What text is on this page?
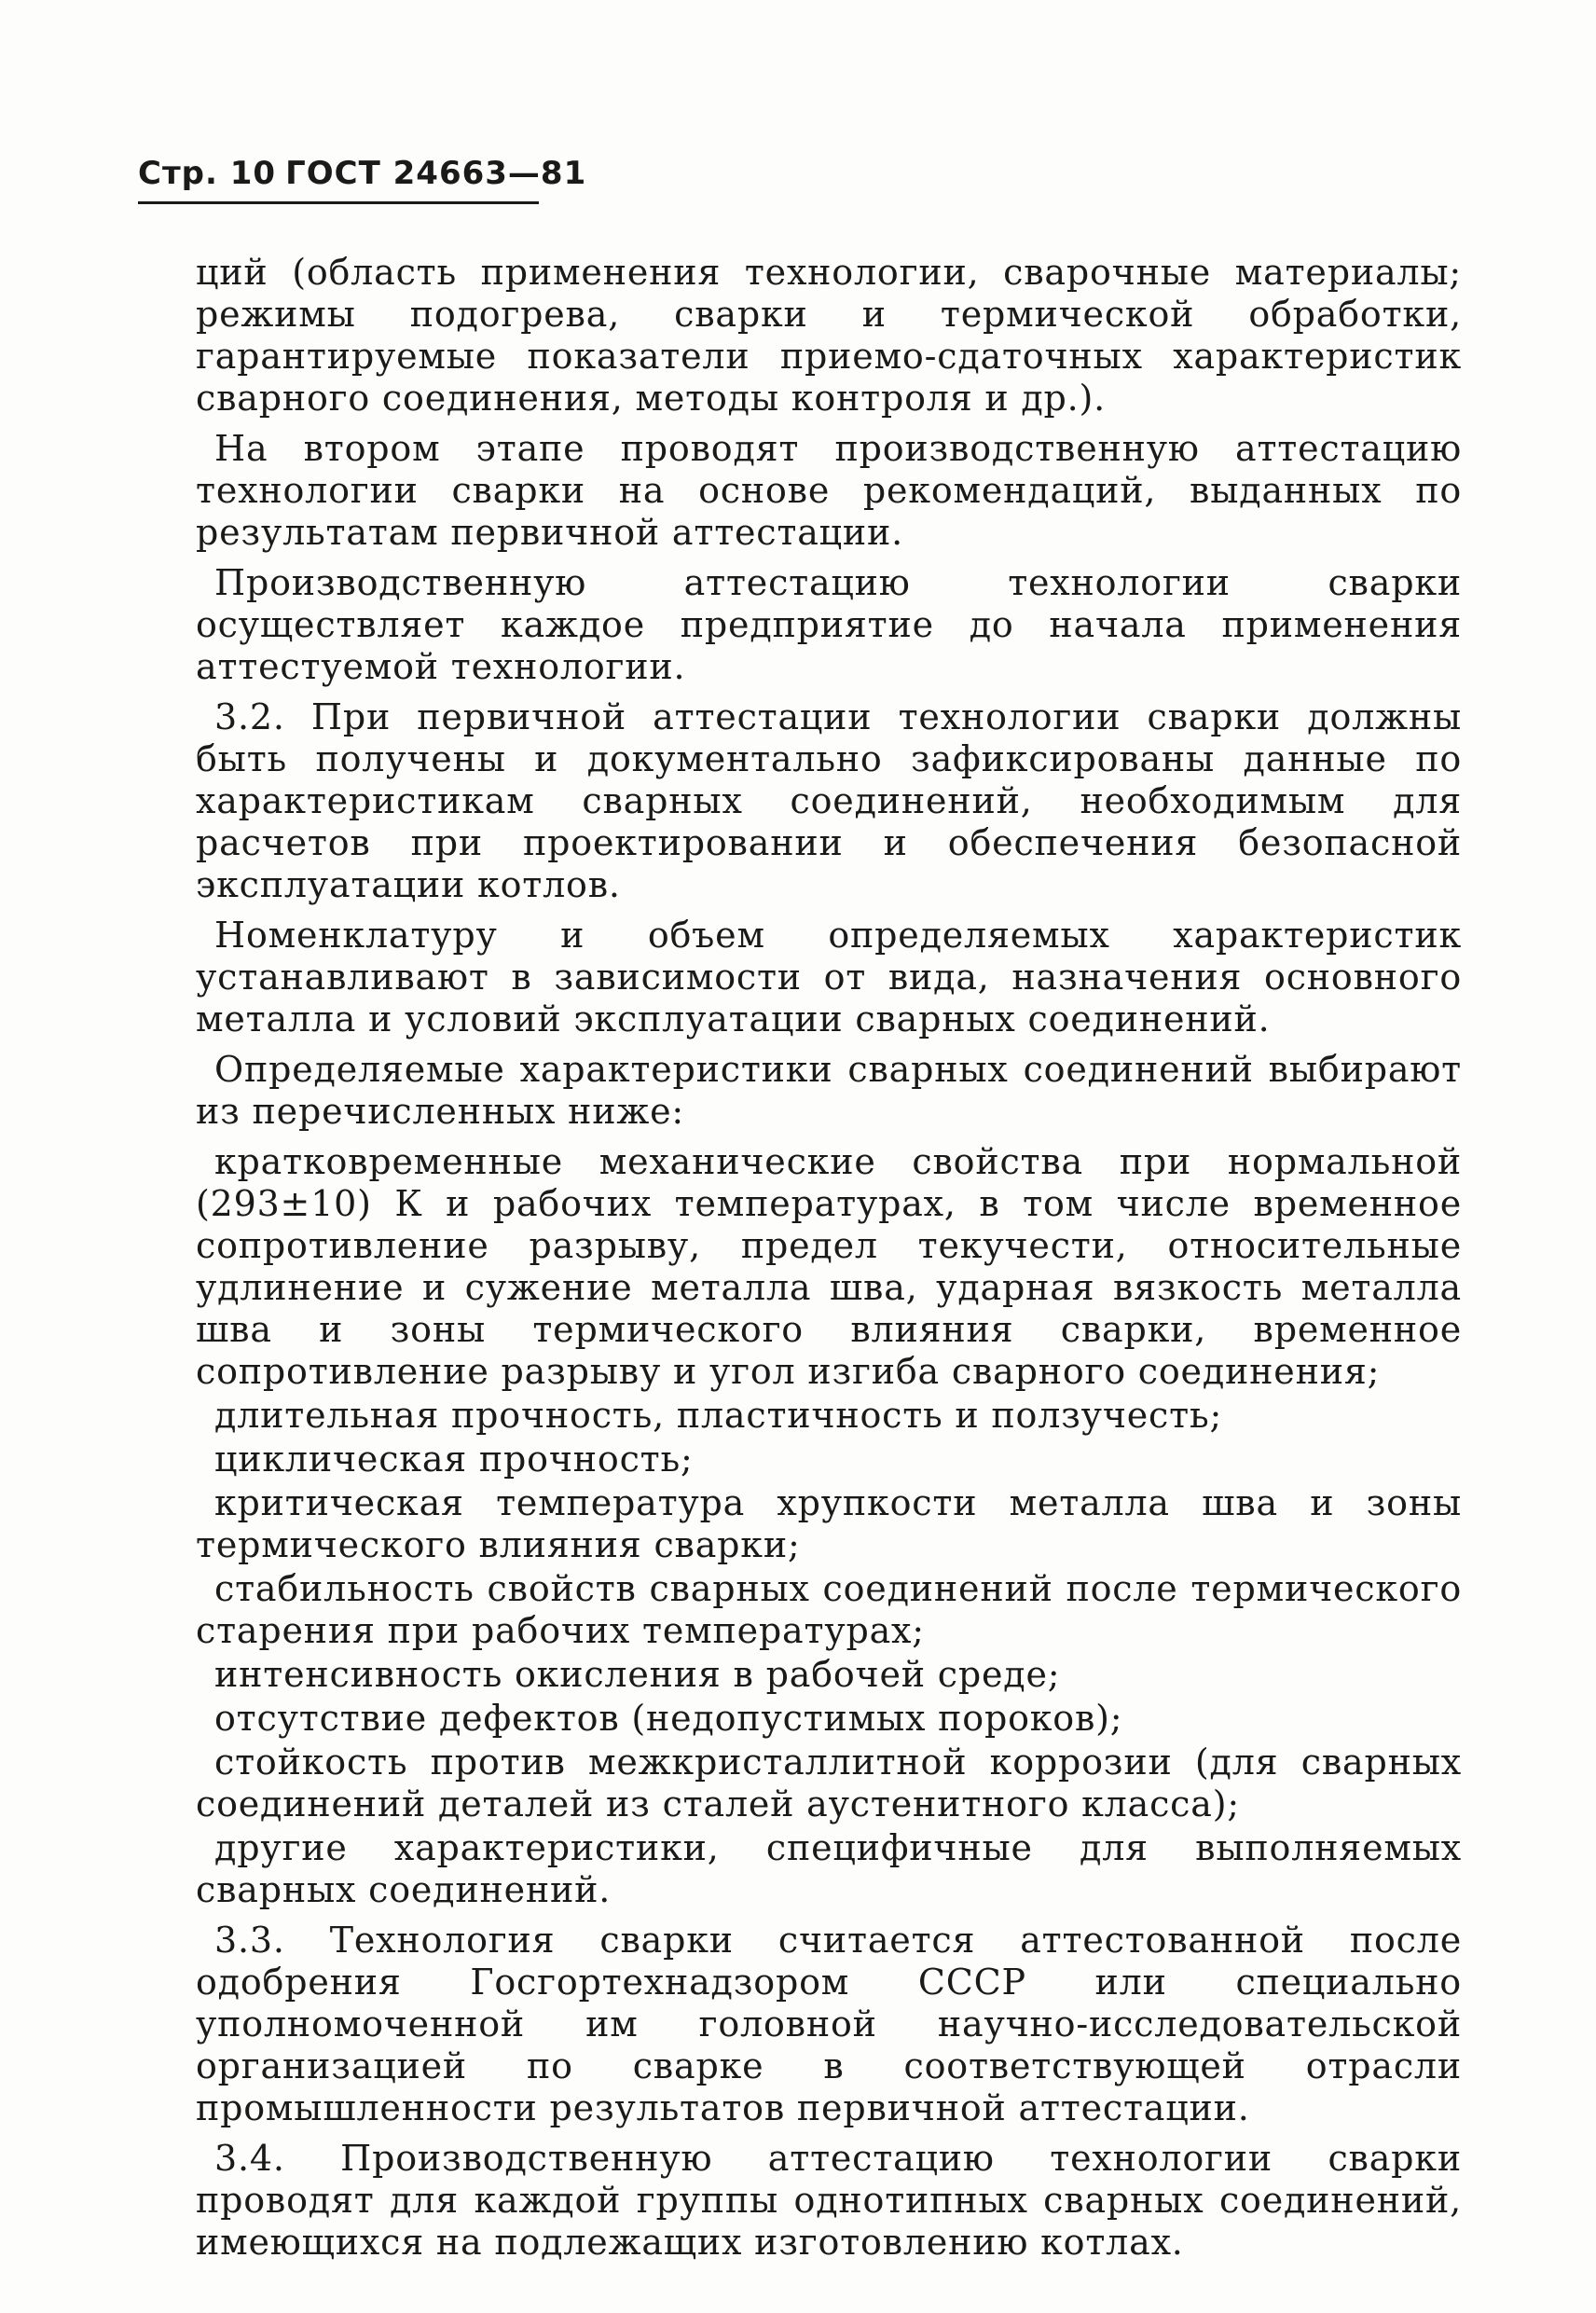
Стр. 10 ГОСТ 24663—81

ций (область применения технологии, сварочные материалы; режимы подогрева, сварки и термической обработки, гарантируемые показатели приемо-сдаточных характеристик сварного соединения, методы контроля и др.).

На втором этапе проводят производственную аттестацию технологии сварки на основе рекомендаций, выданных по результатам первичной аттестации.

Производственную аттестацию технологии сварки осуществляет каждое предприятие до начала применения аттестуемой технологии.

3.2. При первичной аттестации технологии сварки должны быть получены и документально зафиксированы данные по характеристикам сварных соединений, необходимым для расчетов при проектировании и обеспечения безопасной эксплуатации котлов.

Номенклатуру и объем определяемых характеристик устанавливают в зависимости от вида, назначения основного металла и условий эксплуатации сварных соединений.

Определяемые характеристики сварных соединений выбирают из перечисленных ниже:

кратковременные механические свойства при нормальной (293±10) К и рабочих температурах, в том числе временное сопротивление разрыву, предел текучести, относительные удлинение и сужение металла шва, ударная вязкость металла шва и зоны термического влияния сварки, временное сопротивление разрыву и угол изгиба сварного соединения;

длительная прочность, пластичность и ползучесть;

циклическая прочность;

критическая температура хрупкости металла шва и зоны термического влияния сварки;

стабильность свойств сварных соединений после термического старения при рабочих температурах;

интенсивность окисления в рабочей среде;

отсутствие дефектов (недопустимых пороков);

стойкость против межкристаллитной коррозии (для сварных соединений деталей из сталей аустенитного класса);

другие характеристики, специфичные для выполняемых сварных соединений.

3.3. Технология сварки считается аттестованной после одобрения Госгортехнадзором СССР или специально уполномоченной им головной научно-исследовательской организацией по сварке в соответствующей отрасли промышленности результатов первичной аттестации.

3.4. Производственную аттестацию технологии сварки проводят для каждой группы однотипных сварных соединений, имеющихся на подлежащих изготовлению котлах.
